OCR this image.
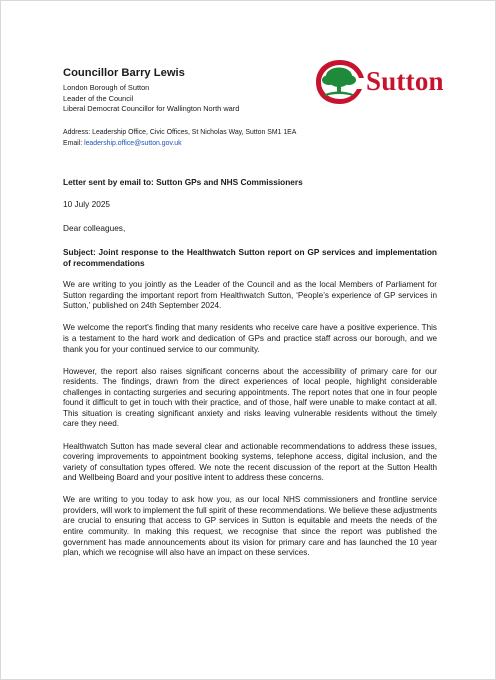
Councillor Barry Lewis

London Borough of Sutton

Leader of the Council

Liberal Democrat Councillor for Wallington North ward

Sutton

Address: Leadership Office, Civic Offices, St Nicholas Way, Sutton SM1 1EA

Email: leadership.office@sutton.gov.uk

Letter sent by email to: Sutton GPs and NHS Commissioners

10 July 2025

Dear colleagues,

Subject: Joint response to the Healthwatch Sutton report on GP services and implementation of recommendations

We are writing to you jointly as the Leader of the Council and as the local Members of Parliament for Sutton regarding the important report from Healthwatch Sutton, ‘People’s experience of GP services in Sutton,’ published on 24th September 2024.

We welcome the report's finding that many residents who receive care have a positive experience. This is a testament to the hard work and dedication of GPs and practice staff across our borough, and we thank you for your continued service to our community.

However, the report also raises significant concerns about the accessibility of primary care for our residents. The findings, drawn from the direct experiences of local people, highlight considerable challenges in contacting surgeries and securing appointments. The report notes that one in four people found it difficult to get in touch with their practice, and of those, half were unable to make contact at all. This situation is creating significant anxiety and risks leaving vulnerable residents without the timely care they need.

Healthwatch Sutton has made several clear and actionable recommendations to address these issues, covering improvements to appointment booking systems, telephone access, digital inclusion, and the variety of consultation types offered. We note the recent discussion of the report at the Sutton Health and Wellbeing Board and your positive intent to address these concerns.

We are writing to you today to ask how you, as our local NHS commissioners and frontline service providers, will work to implement the full spirit of these recommendations. We believe these adjustments are crucial to ensuring that access to GP services in Sutton is equitable and meets the needs of the entire community. In making this request, we recognise that since the report was published the government has made announcements about its vision for primary care and has launched the 10 year plan, which we recognise will also have an impact on these services.
